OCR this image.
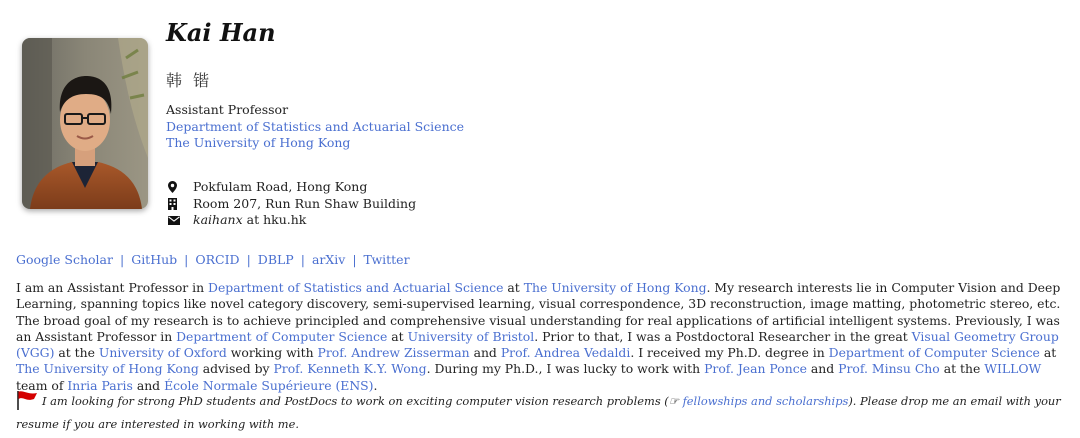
Kai Han
韩 锴
Assistant Professor
Department of Statistics and Actuarial Science
The University of Hong Kong
Pokfulam Road, Hong Kong
Room 207, Run Run Shaw Building
kaihanx at hku.hk
Google Scholar | GitHub | ORCID | DBLP | arXiv | Twitter

I am an Assistant Professor in Department of Statistics and Actuarial Science at The University of Hong Kong. My research interests lie in Computer Vision and Deep Learning, spanning topics like novel category discovery, semi-supervised learning, visual correspondence, 3D reconstruction, image matting, photometric stereo, etc. The broad goal of my research is to achieve principled and comprehensive visual understanding for real applications of artificial intelligent systems. Previously, I was an Assistant Professor in Department of Computer Science at University of Bristol. Prior to that, I was a Postdoctoral Researcher in the great Visual Geometry Group (VGG) at the University of Oxford working with Prof. Andrew Zisserman and Prof. Andrea Vedaldi. I received my Ph.D. degree in Department of Computer Science at The University of Hong Kong advised by Prof. Kenneth K.Y. Wong. During my Ph.D., I was lucky to work with Prof. Jean Ponce and Prof. Minsu Cho at the WILLOW team of Inria Paris and École Normale Supérieure (ENS).

I am looking for strong PhD students and PostDocs to work on exciting computer vision research problems (☞ fellowships and scholarships). Please drop me an email with your resume if you are interested in working with me.
